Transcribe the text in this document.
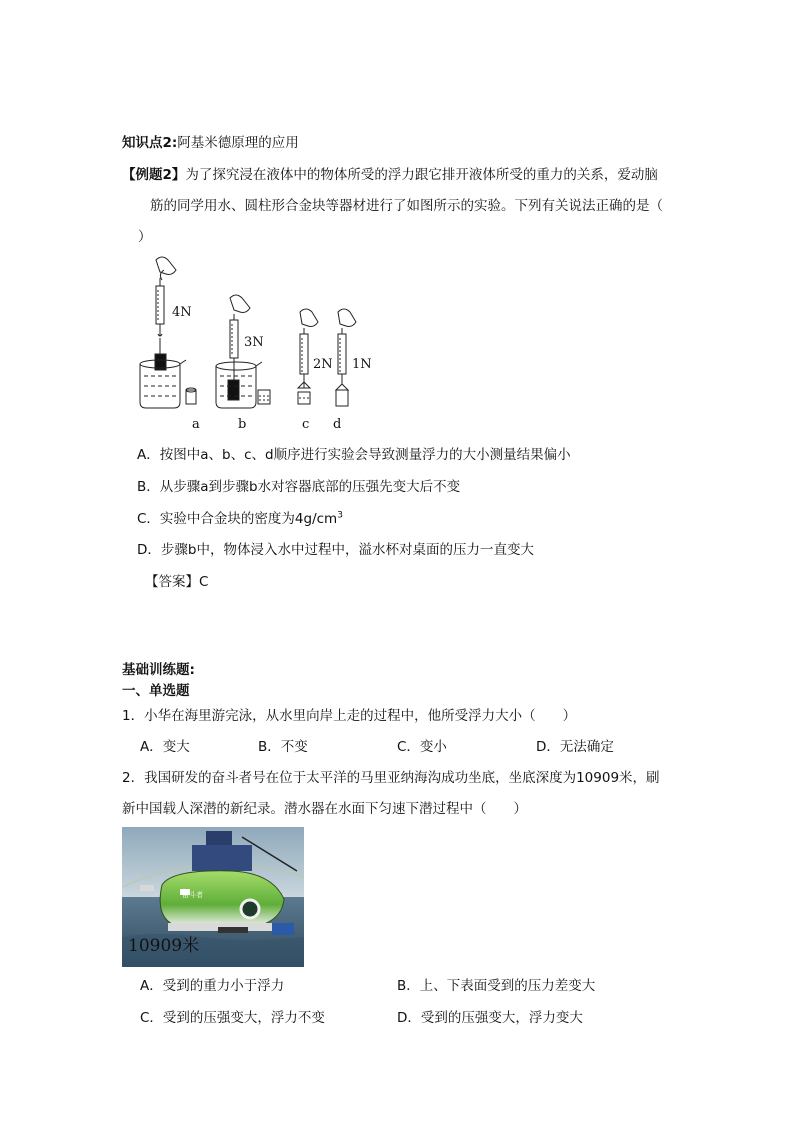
知识点2:阿基米德原理的应用
【例题2】为了探究浸在液体中的物体所受的浮力跟它排开液体所受的重力的关系，爱动脑
筋的同学用水、圆柱形合金块等器材进行了如图所示的实验。下列有关说法正确的是（
）
4N
3N
2N 1N
a	b	c d
A．按图中a、b、c、d顺序进行实验会导致测量浮力的大小测量结果偏小
B．从步骤a到步骤b水对容器底部的压强先变大后不变
C．实验中合金块的密度为$4g/cm^3$
D．步骤b中，物体浸入水中过程中，溢水杯对桌面的压力一直变大
【答案】C
基础训练题:
一、单选题
1．小华在海里游完泳，从水里向岸上走的过程中，他所受浮力大小（　　）
A．变大	B．不变	C．变小	D．无法确定
2．我国研发的奋斗者号在位于太平洋的马里亚纳海沟成功坐底，坐底深度为10909米，刷
新中国载人深潜的新纪录。潜水器在水面下匀速下潜过程中（　　）
奋斗者
10909米
A．受到的重力小于浮力	B．上、下表面受到的压力差变大
C．受到的压强变大，浮力不变	D．受到的压强变大，浮力变大
